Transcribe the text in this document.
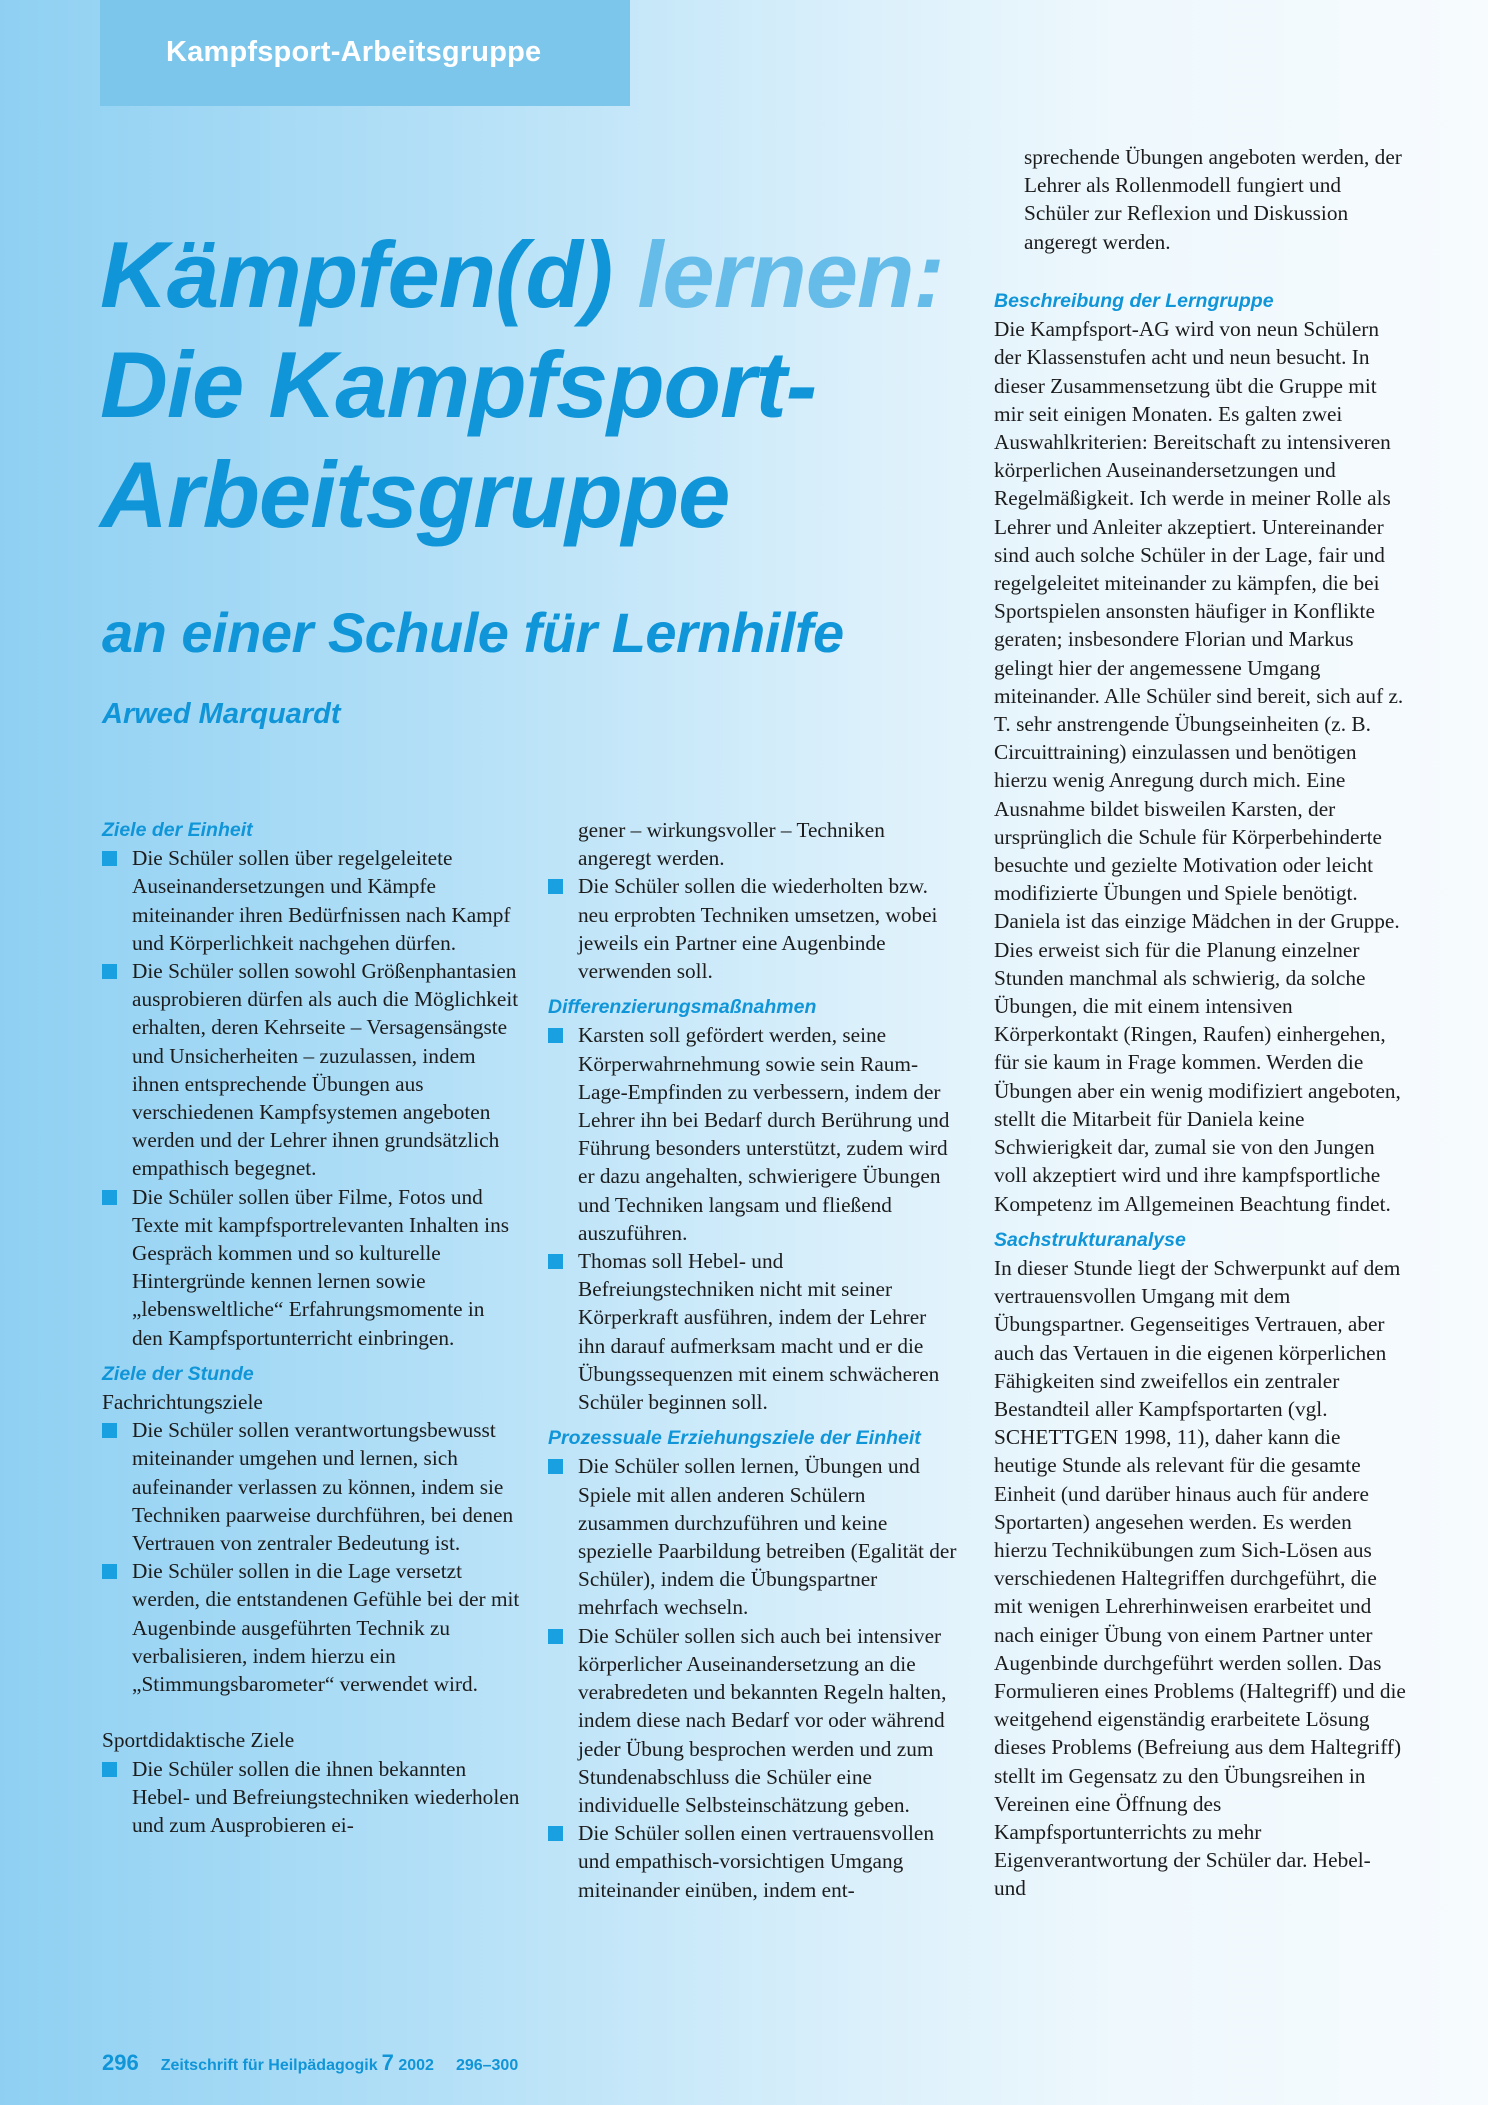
Kampfsport-Arbeitsgruppe
Kämpfen(d) lernen:
Die Kampfsport-
Arbeitsgruppe
an einer Schule für Lernhilfe
Arwed Marquardt

Ziele der Einheit

Die Schüler sollen über regelgeleitete Auseinandersetzungen und Kämpfe miteinander ihren Bedürfnissen nach Kampf und Körperlichkeit nachgehen dürfen.
Die Schüler sollen sowohl Größenphantasien ausprobieren dürfen als auch die Möglichkeit erhalten, deren Kehrseite – Versagensängste und Unsicherheiten – zuzulassen, indem ihnen entsprechende Übungen aus verschiedenen Kampfsystemen angeboten werden und der Lehrer ihnen grundsätzlich empathisch begegnet.
Die Schüler sollen über Filme, Fotos und Texte mit kampfsportrelevanten Inhalten ins Gespräch kommen und so kulturelle Hintergründe kennen lernen sowie „lebensweltliche“ Erfahrungsmomente in den Kampfsportunterricht einbringen.

Ziele der Stunde

Fachrichtungsziele

Die Schüler sollen verantwortungsbewusst miteinander umgehen und lernen, sich aufeinander verlassen zu können, indem sie Techniken paarweise durchführen, bei denen Vertrauen von zentraler Bedeutung ist.
Die Schüler sollen in die Lage versetzt werden, die entstandenen Gefühle bei der mit Augenbinde ausgeführten Technik zu verbalisieren, indem hierzu ein „Stimmungsbarometer“ verwendet wird.

Sportdidaktische Ziele

Die Schüler sollen die ihnen bekannten Hebel- und Befreiungstechniken wiederholen und zum Ausprobieren ei-

gener – wirkungsvoller – Techniken angeregt werden.

Die Schüler sollen die wiederholten bzw. neu erprobten Techniken umsetzen, wobei jeweils ein Partner eine Augenbinde verwenden soll.

Differenzierungsmaßnahmen

Karsten soll gefördert werden, seine Körperwahrnehmung sowie sein Raum-Lage-Empfinden zu verbessern, indem der Lehrer ihn bei Bedarf durch Berührung und Führung besonders unterstützt, zudem wird er dazu angehalten, schwierigere Übungen und Techniken langsam und fließend auszuführen.
Thomas soll Hebel- und Befreiungstechniken nicht mit seiner Körperkraft ausführen, indem der Lehrer ihn darauf aufmerksam macht und er die Übungssequenzen mit einem schwächeren Schüler beginnen soll.

Prozessuale Erziehungsziele der Einheit

Die Schüler sollen lernen, Übungen und Spiele mit allen anderen Schülern zusammen durchzuführen und keine spezielle Paarbildung betreiben (Egalität der Schüler), indem die Übungspartner mehrfach wechseln.
Die Schüler sollen sich auch bei intensiver körperlicher Auseinandersetzung an die verabredeten und bekannten Regeln halten, indem diese nach Bedarf vor oder während jeder Übung besprochen werden und zum Stundenabschluss die Schüler eine individuelle Selbsteinschätzung geben.
Die Schüler sollen einen vertrauensvollen und empathisch-vorsichtigen Umgang miteinander einüben, indem ent-
sprechende Übungen angeboten werden, der Lehrer als Rollenmodell fungiert und Schüler zur Reflexion und Diskussion angeregt werden.

Beschreibung der Lerngruppe

Die Kampfsport-AG wird von neun Schülern der Klassenstufen acht und neun besucht. In dieser Zusammensetzung übt die Gruppe mit mir seit einigen Monaten. Es galten zwei Auswahlkriterien: Bereitschaft zu intensiveren körperlichen Auseinandersetzungen und Regelmäßigkeit. Ich werde in meiner Rolle als Lehrer und Anleiter akzeptiert. Untereinander sind auch solche Schüler in der Lage, fair und regelgeleitet miteinander zu kämpfen, die bei Sportspielen ansonsten häufiger in Konflikte geraten; insbesondere Florian und Markus gelingt hier der angemessene Umgang miteinander. Alle Schüler sind bereit, sich auf z. T. sehr anstrengende Übungseinheiten (z. B. Circuittraining) einzulassen und benötigen hierzu wenig Anregung durch mich. Eine Ausnahme bildet bisweilen Karsten, der ursprünglich die Schule für Körperbehinderte besuchte und gezielte Motivation oder leicht modifizierte Übungen und Spiele benötigt.

Daniela ist das einzige Mädchen in der Gruppe. Dies erweist sich für die Planung einzelner Stunden manchmal als schwierig, da solche Übungen, die mit einem intensiven Körperkontakt (Ringen, Raufen) einhergehen, für sie kaum in Frage kommen. Werden die Übungen aber ein wenig modifiziert angeboten, stellt die Mitarbeit für Daniela keine Schwierigkeit dar, zumal sie von den Jungen voll akzeptiert wird und ihre kampfsportliche Kompetenz im Allgemeinen Beachtung findet.

Sachstrukturanalyse

In dieser Stunde liegt der Schwerpunkt auf dem vertrauensvollen Umgang mit dem Übungspartner. Gegenseitiges Vertrauen, aber auch das Vertauen in die eigenen körperlichen Fähigkeiten sind zweifellos ein zentraler Bestandteil aller Kampfsportarten (vgl. SCHETTGEN 1998, 11), daher kann die heutige Stunde als relevant für die gesamte Einheit (und darüber hinaus auch für andere Sportarten) angesehen werden. Es werden hierzu Technikübungen zum Sich-Lösen aus verschiedenen Haltegriffen durchgeführt, die mit wenigen Lehrerhinweisen erarbeitet und nach einiger Übung von einem Partner unter Augenbinde durchgeführt werden sollen. Das Formulieren eines Problems (Haltegriff) und die weitgehend eigenständig erarbeitete Lösung dieses Problems (Befreiung aus dem Haltegriff) stellt im Gegensatz zu den Übungsreihen in Vereinen eine Öffnung des Kampfsportunterrichts zu mehr Eigenverantwortung der Schüler dar. Hebel- und

296 Zeitschrift für Heilpädagogik 7 2002 296–300
